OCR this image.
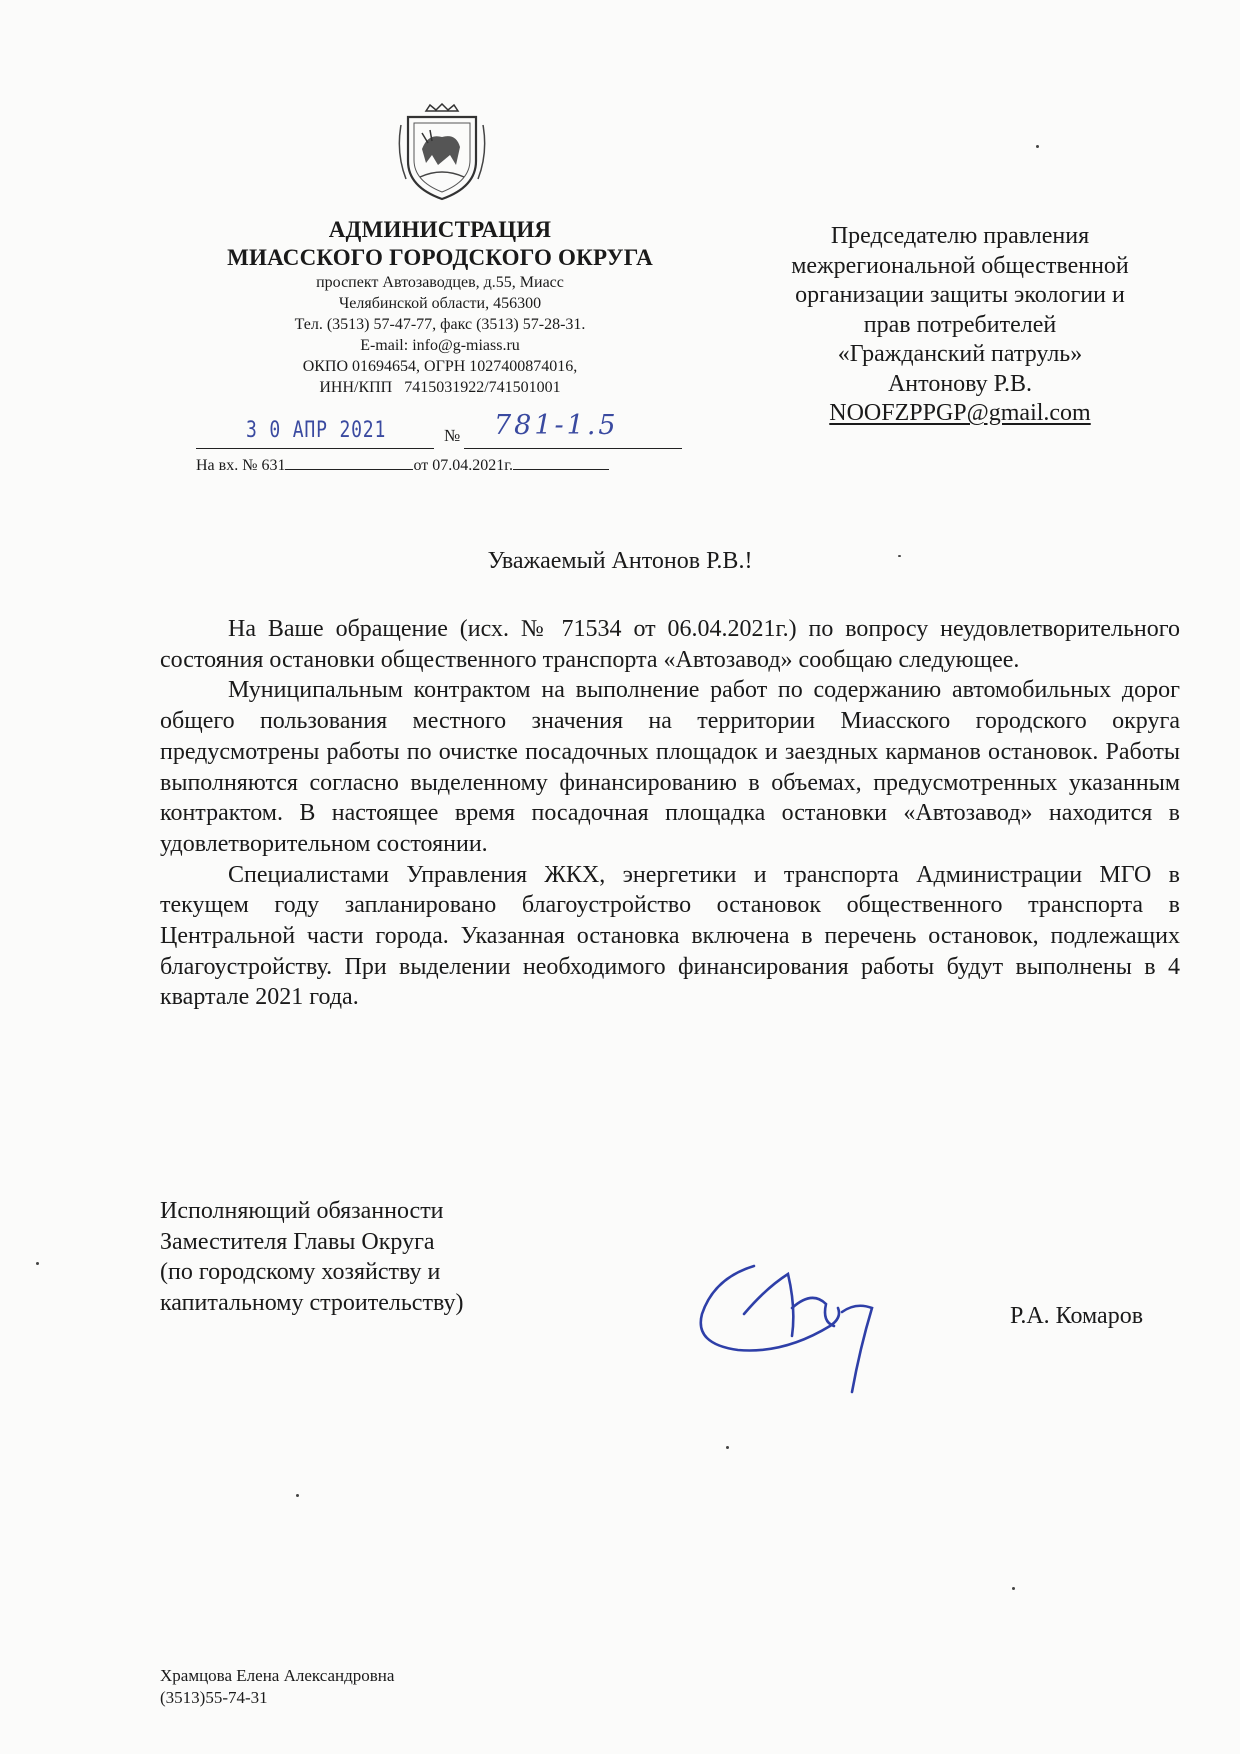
АДМИНИСТРАЦИЯ
МИАССКОГО ГОРОДСКОГО ОКРУГА
проспект Автозаводцев, д.55, Миасс
Челябинской области, 456300
Тел. (3513) 57-47-77, факс (3513) 57-28-31.
E-mail: info@g-miass.ru
ОКПО 01694654, ОГРН 1027400874016,
ИНН/КПП   7415031922/741501001
3 0 АПР 2021	№ 781-1.5
На вх. № 631	от 07.04.2021г.
Председателю правления
межрегиональной общественной
организации защиты экологии и
прав потребителей
«Гражданский патруль»
Антонову Р.В.
NOOFZPPGP@gmail.com
Уважаемый Антонов Р.В.!

На Ваше обращение (исх. № 71534 от 06.04.2021г.) по вопросу неудовлетворительного состояния остановки общественного транспорта «Автозавод» сообщаю следующее.

Муниципальным контрактом на выполнение работ по содержанию автомобильных дорог общего пользования местного значения на территории Миасского городского округа предусмотрены работы по очистке посадочных площадок и заездных карманов остановок. Работы выполняются согласно выделенному финансированию в объемах, предусмотренных указанным контрактом. В настоящее время посадочная площадка остановки «Автозавод» находится в удовлетворительном состоянии.

Специалистами Управления ЖКХ, энергетики и транспорта Администрации МГО в текущем году запланировано благоустройство остановок общественного транспорта в Центральной части города. Указанная остановка включена в перечень остановок, подлежащих благоустройству. При выделении необходимого финансирования работы будут выполнены в 4 квартале 2021 года.

Исполняющий обязанности
Заместителя Главы Округа
(по городскому хозяйству и
капитальному строительству)
Р.А. Комаров
Храмцова Елена Александровна
(3513)55-74-31
